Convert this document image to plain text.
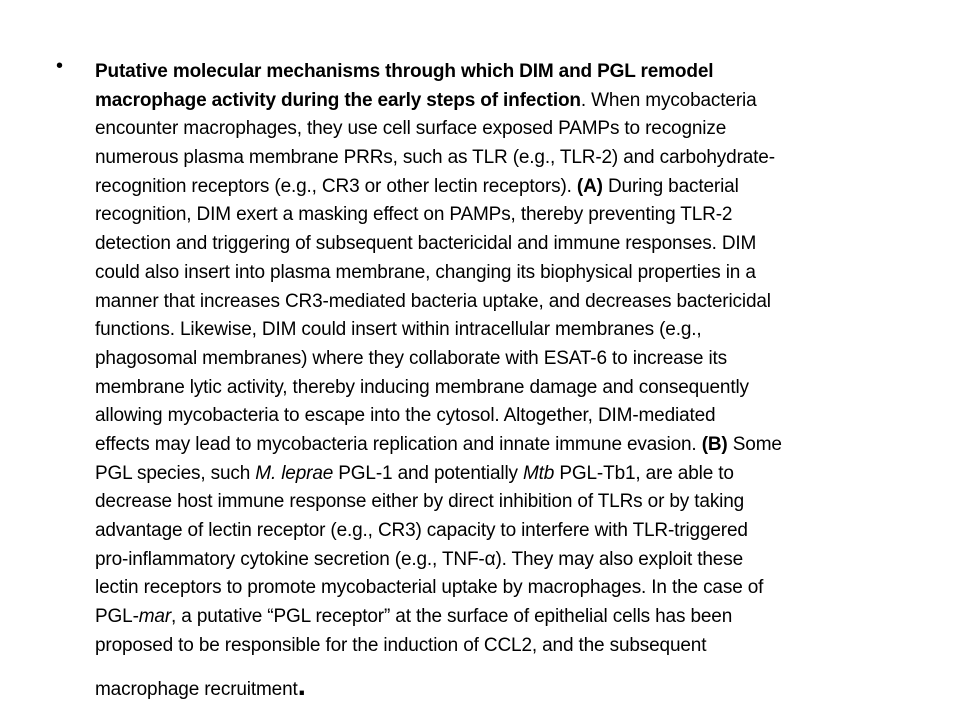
• Putative molecular mechanisms through which DIM and PGL remodel
macrophage activity during the early steps of infection. When mycobacteria
encounter macrophages, they use cell surface exposed PAMPs to recognize
numerous plasma membrane PRRs, such as TLR (e.g., TLR-2) and carbohydrate-
recognition receptors (e.g., CR3 or other lectin receptors). (A) During bacterial
recognition, DIM exert a masking effect on PAMPs, thereby preventing TLR-2
detection and triggering of subsequent bactericidal and immune responses. DIM
could also insert into plasma membrane, changing its biophysical properties in a
manner that increases CR3-mediated bacteria uptake, and decreases bactericidal
functions. Likewise, DIM could insert within intracellular membranes (e.g.,
phagosomal membranes) where they collaborate with ESAT-6 to increase its
membrane lytic activity, thereby inducing membrane damage and consequently
allowing mycobacteria to escape into the cytosol. Altogether, DIM-mediated
effects may lead to mycobacteria replication and innate immune evasion. (B) Some
PGL species, such M. leprae PGL-1 and potentially Mtb PGL-Tb1, are able to
decrease host immune response either by direct inhibition of TLRs or by taking
advantage of lectin receptor (e.g., CR3) capacity to interfere with TLR-triggered
pro-inflammatory cytokine secretion (e.g., TNF-α). They may also exploit these
lectin receptors to promote mycobacterial uptake by macrophages. In the case of
PGL-mar, a putative “PGL receptor” at the surface of epithelial cells has been
proposed to be responsible for the induction of CCL2, and the subsequent
macrophage recruitment.
